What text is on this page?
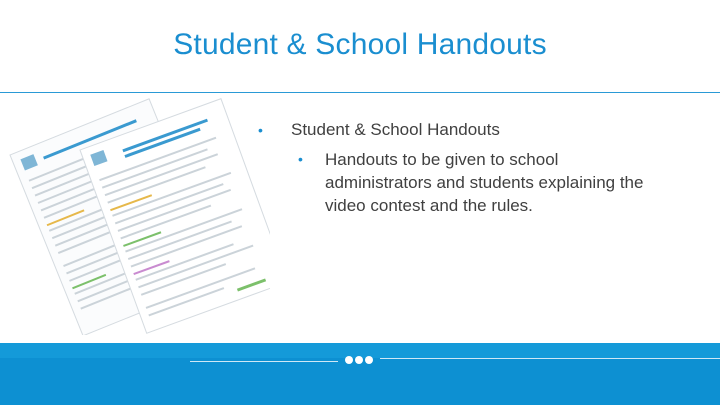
Student & School Handouts
• Student & School Handouts
• Handouts to be given to school administrators and students explaining the video contest and the rules.
